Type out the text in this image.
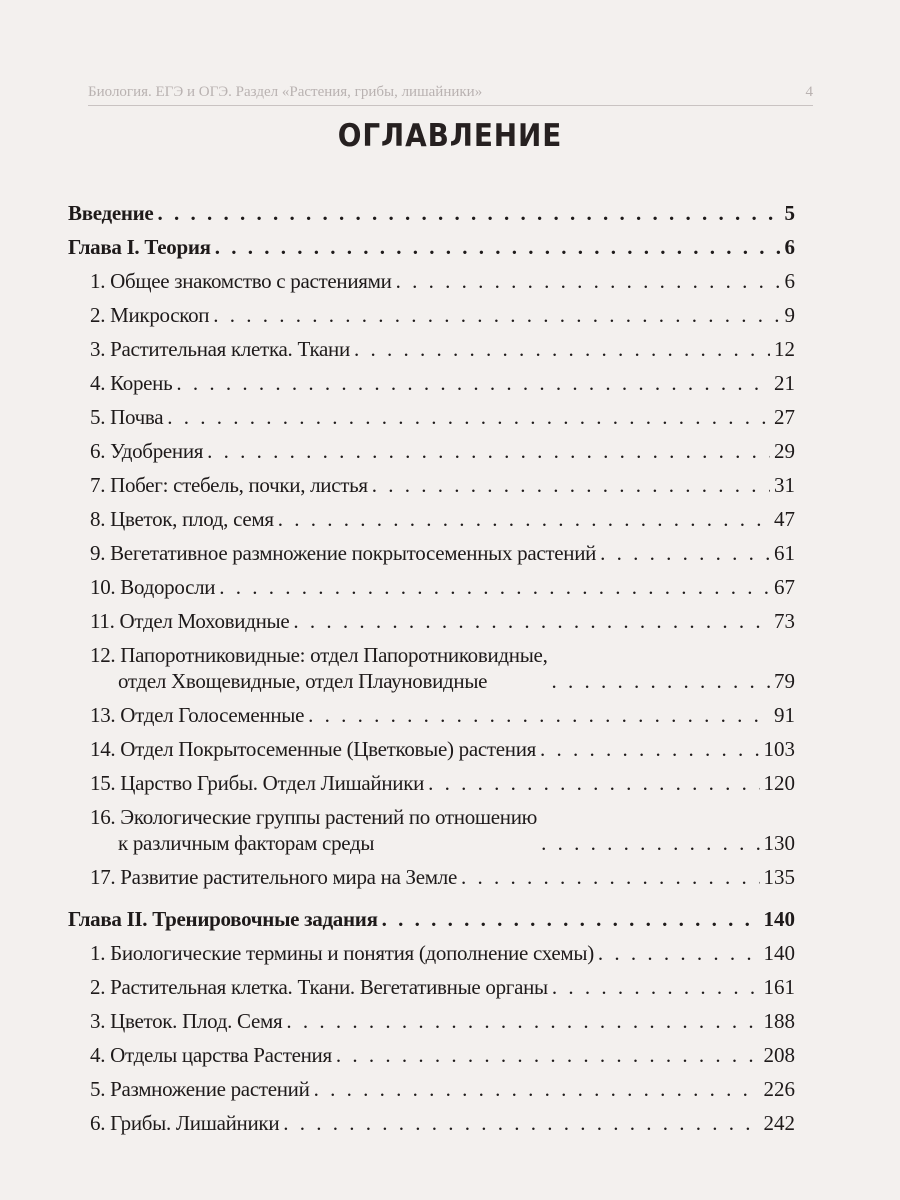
Биология. ЕГЭ и ОГЭ. Раздел «Растения, грибы, лишайники»	4
ОГЛАВЛЕНИЕ
Введение . . .	5
Глава I. Теория . . .	6
1. Общее знакомство с растениями . . .	6
2. Микроскоп . . .	9
3. Растительная клетка. Ткани . . .	12
4. Корень . . .	21
5. Почва . . .	27
6. Удобрения . . .	29
7. Побег: стебель, почки, листья . . .	31
8. Цветок, плод, семя . . .	47
9. Вегетативное размножение покрытосеменных растений . . .	61
10. Водоросли . . .	67
11. Отдел Моховидные . . .	73
12. Папоротниковидные: отдел Папоротниковидные,
отдел Хвощевидные, отдел Плауновидные . . .	79
13. Отдел Голосеменные . . .	91
14. Отдел Покрытосеменные (Цветковые) растения . . .	103
15. Царство Грибы. Отдел Лишайники . . .	120
16. Экологические группы растений по отношению
к различным факторам среды . . .	130
17. Развитие растительного мира на Земле . . .	135
Глава II. Тренировочные задания . . .	140
1. Биологические термины и понятия (дополнение схемы) . . .	140
2. Растительная клетка. Ткани. Вегетативные органы . . .	161
3. Цветок. Плод. Семя . . .	188
4. Отделы царства Растения . . .	208
5. Размножение растений . . .	226
6. Грибы. Лишайники . . .	242
